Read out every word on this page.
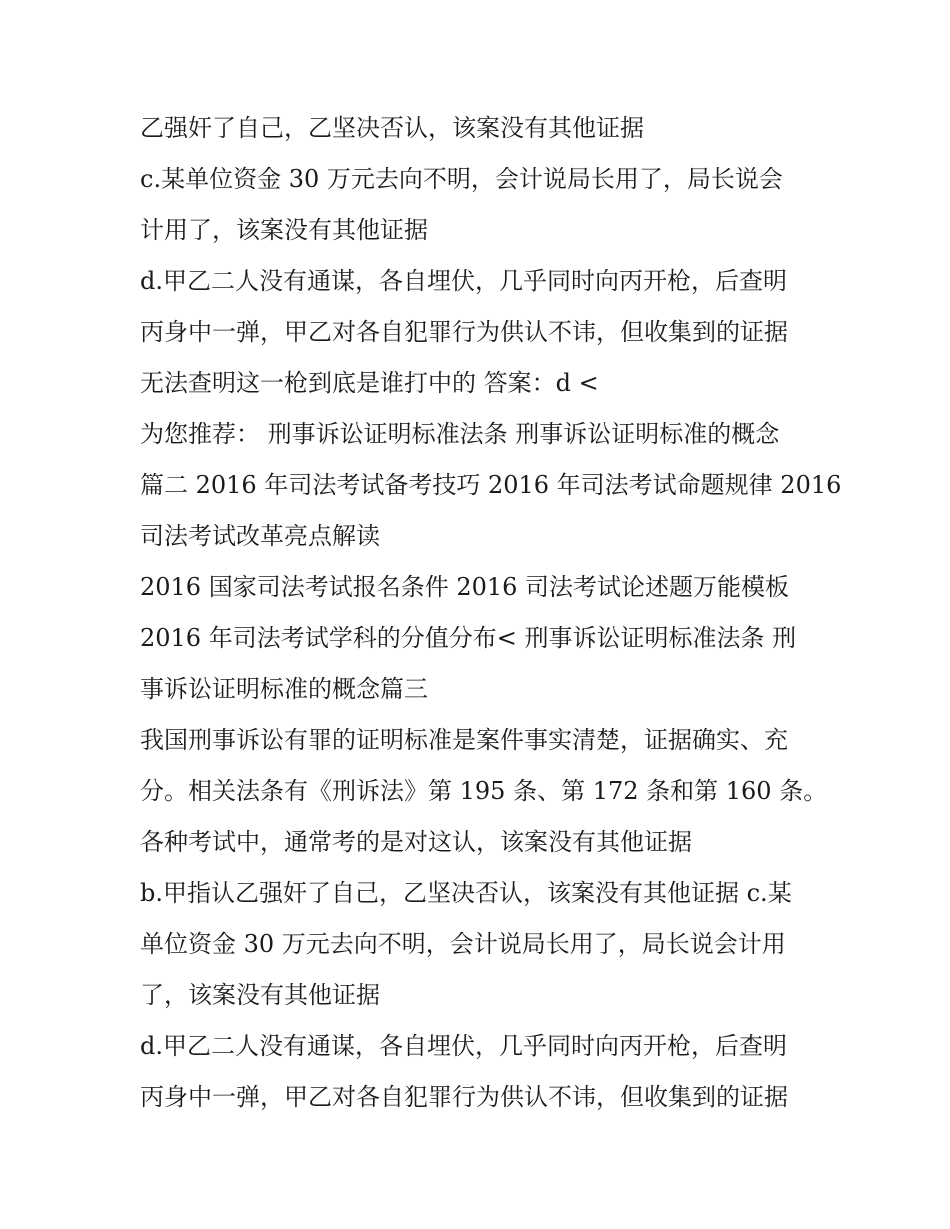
乙强奸了自己，乙坚决否认，该案没有其他证据
c.某单位资金 30 万元去向不明，会计说局长用了，局长说会
计用了，该案没有其他证据
d.甲乙二人没有通谋，各自埋伏，几乎同时向丙开枪，后查明
丙身中一弹，甲乙对各自犯罪行为供认不讳，但收集到的证据
无法查明这一枪到底是谁打中的 答案：d <
为您推荐： 刑事诉讼证明标准法条 刑事诉讼证明标准的概念
篇二 2016 年司法考试备考技巧 2016 年司法考试命题规律 2016
司法考试改革亮点解读
2016 国家司法考试报名条件 2016 司法考试论述题万能模板
2016 年司法考试学科的分值分布< 刑事诉讼证明标准法条 刑
事诉讼证明标准的概念篇三
我国刑事诉讼有罪的证明标准是案件事实清楚，证据确实、充
分。相关法条有《刑诉法》第 195 条、第 172 条和第 160 条。
各种考试中，通常考的是对这认，该案没有其他证据
b.甲指认乙强奸了自己，乙坚决否认，该案没有其他证据 c.某
单位资金 30 万元去向不明，会计说局长用了，局长说会计用
了，该案没有其他证据
d.甲乙二人没有通谋，各自埋伏，几乎同时向丙开枪，后查明
丙身中一弹，甲乙对各自犯罪行为供认不讳，但收集到的证据
